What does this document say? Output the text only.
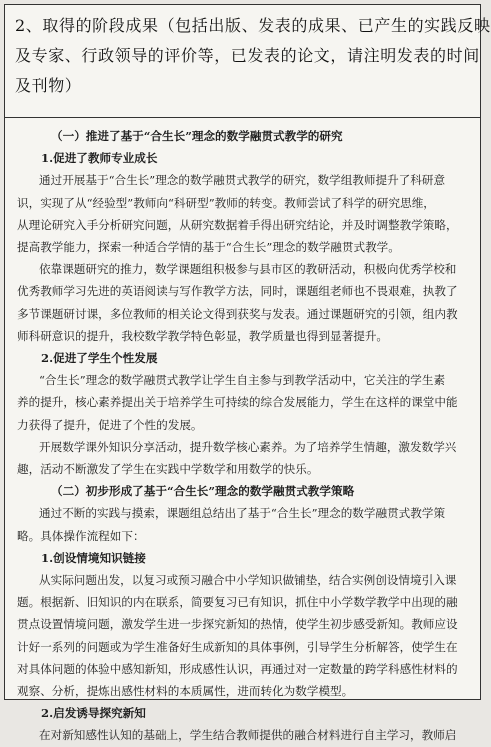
2、取得的阶段成果（包括出版、发表的成果、已产生的实践反映
及专家、行政领导的评价等，已发表的论文，请注明发表的时间
及刊物）
（一）推进了基于“合生长”理念的数学融贯式教学的研究
1.促进了教师专业成长
通过开展基于“合生长”理念的数学融贯式教学的研究，数学组教师提升了科研意
识，实现了从“经验型”教师向“科研型”教师的转变。教师尝试了科学的研究思维，
从理论研究入手分析研究问题，从研究数据着手得出研究结论，并及时调整教学策略，
提高教学能力，探索一种适合学情的基于“合生长”理念的数学融贯式教学。
依靠课题研究的推力，数学课题组积极参与县市区的教研活动，积极向优秀学校和
优秀教师学习先进的英语阅读与写作教学方法，同时，课题组老师也不畏艰难，执教了
多节课题研讨课，多位教师的相关论文得到获奖与发表。通过课题研究的引领，组内教
师科研意识的提升，我校数学教学特色彰显，教学质量也得到显著提升。
2.促进了学生个性发展
“合生长”理念的数学融贯式教学让学生自主参与到教学活动中，它关注的学生素
养的提升，核心素养提出关于培养学生可持续的综合发展能力，学生在这样的课堂中能
力获得了提升，促进了个性的发展。
开展数学课外知识分享活动，提升数学核心素养。为了培养学生情趣，激发数学兴
趣，活动不断激发了学生在实践中学数学和用数学的快乐。
（二）初步形成了基于“合生长”理念的数学融贯式教学策略
通过不断的实践与摸索，课题组总结出了基于“合生长”理念的数学融贯式教学策
略。具体操作流程如下：
1.创设情境知识链接
从实际问题出发，以复习或预习融合中小学知识做铺垫，结合实例创设情境引入课
题。根据新、旧知识的内在联系，简要复习已有知识，抓住中小学数学教学中出现的融
贯点设置情境问题，激发学生进一步探究新知的热情，使学生初步感受新知。教师应设
计好一系列的问题或为学生准备好生成新知的具体事例，引导学生分析解答，使学生在
对具体问题的体验中感知新知，形成感性认识，再通过对一定数量的跨学科感性材料的
观察、分析，提炼出感性材料的本质属性，进而转化为数学模型。
2.启发诱导探究新知
在对新知感性认知的基础上，学生结合教师提供的融合材料进行自主学习，教师启
